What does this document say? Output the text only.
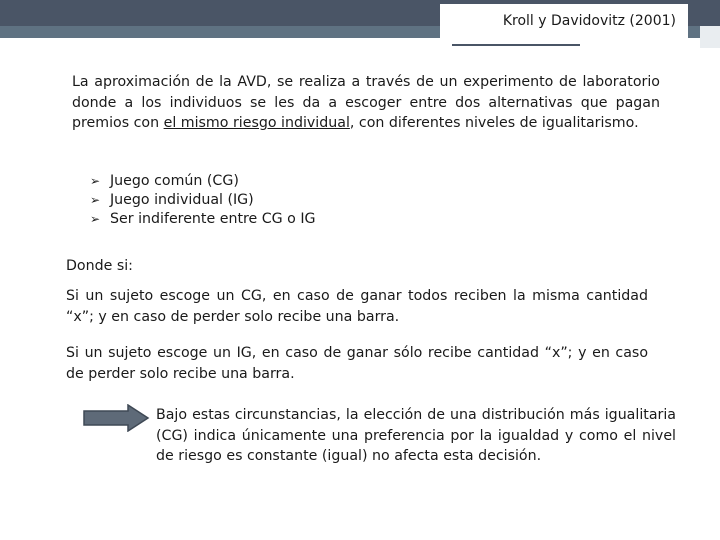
Kroll y Davidovitz (2001)
La aproximación de la AVD, se realiza a través de un experimento de laboratorio donde a los individuos se les da a escoger entre dos alternativas que pagan premios con el mismo riesgo individual, con diferentes niveles de igualitarismo.
➢ Juego común (CG)
➢ Juego individual (IG)
➢ Ser indiferente entre CG o IG
Donde si:
Si un sujeto escoge un CG, en caso de ganar todos reciben la misma cantidad “x”; y en caso de perder solo recibe una barra.
Si un sujeto escoge un IG, en caso de ganar sólo recibe cantidad “x”; y en caso de perder solo recibe una barra.
Bajo estas circunstancias, la elección de una distribución más igualitaria (CG) indica únicamente una preferencia por la igualdad y como el nivel de riesgo es constante (igual) no afecta esta decisión.
